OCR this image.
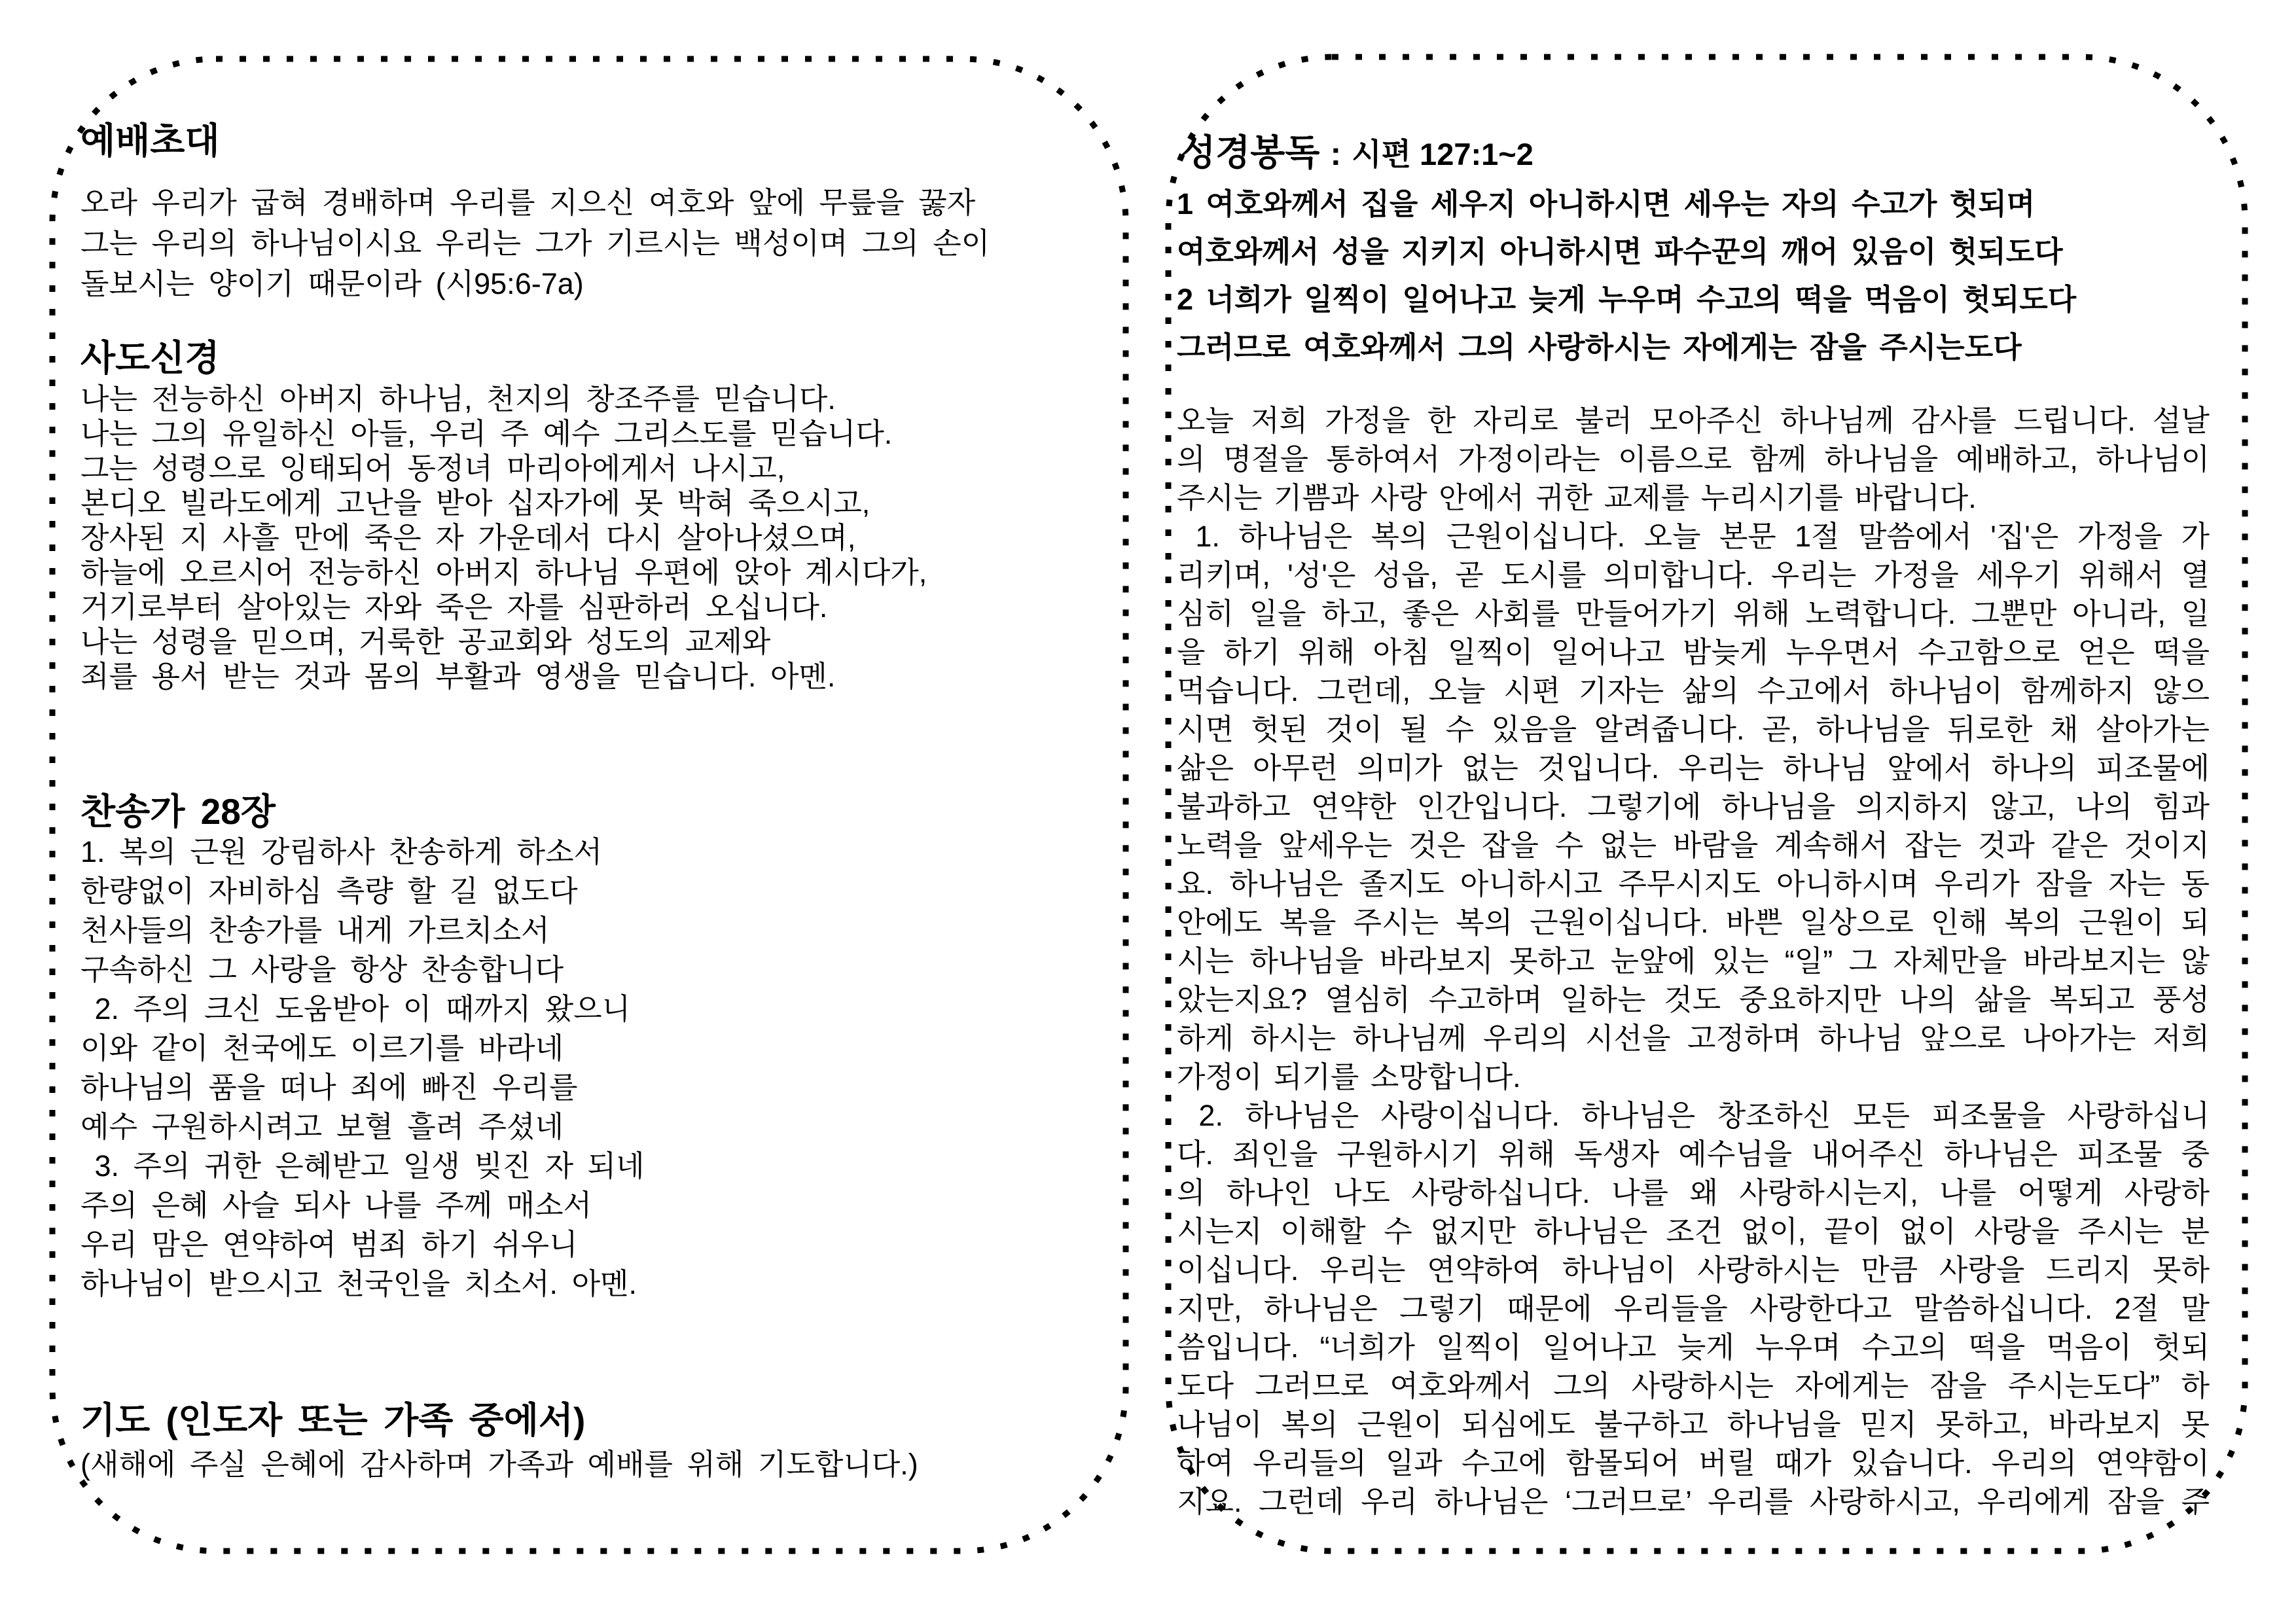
예배초대
오라 우리가 굽혀 경배하며 우리를 지으신 여호와 앞에 무릎을 꿇자
그는 우리의 하나님이시요 우리는 그가 기르시는 백성이며 그의 손이
돌보시는 양이기 때문이라 (시95:6-7a)
사도신경
나는 전능하신 아버지 하나님, 천지의 창조주를 믿습니다.
나는 그의 유일하신 아들, 우리 주 예수 그리스도를 믿습니다.
그는 성령으로 잉태되어 동정녀 마리아에게서 나시고,
본디오 빌라도에게 고난을 받아 십자가에 못 박혀 죽으시고,
장사된 지 사흘 만에 죽은 자 가운데서 다시 살아나셨으며,
하늘에 오르시어 전능하신 아버지 하나님 우편에 앉아 계시다가,
거기로부터 살아있는 자와 죽은 자를 심판하러 오십니다.
나는 성령을 믿으며, 거룩한 공교회와 성도의 교제와
죄를 용서 받는 것과 몸의 부활과 영생을 믿습니다. 아멘.
찬송가 28장
1. 복의 근원 강림하사 찬송하게 하소서
한량없이 자비하심 측량 할 길 없도다
천사들의 찬송가를 내게 가르치소서
구속하신 그 사랑을 항상 찬송합니다
2. 주의 크신 도움받아 이 때까지 왔으니
이와 같이 천국에도 이르기를 바라네
하나님의 품을 떠나 죄에 빠진 우리를
예수 구원하시려고 보혈 흘려 주셨네
3. 주의 귀한 은혜받고 일생 빚진 자 되네
주의 은혜 사슬 되사 나를 주께 매소서
우리 맘은 연약하여 범죄 하기 쉬우니
하나님이 받으시고 천국인을 치소서. 아멘.
기도 (인도자 또는 가족 중에서)
(새해에 주실 은혜에 감사하며 가족과 예배를 위해 기도합니다.)
성경봉독 : 시편 127:1~2
1 여호와께서 집을 세우지 아니하시면 세우는 자의 수고가 헛되며
여호와께서 성을 지키지 아니하시면 파수꾼의 깨어 있음이 헛되도다
2 너희가 일찍이 일어나고 늦게 누우며 수고의 떡을 먹음이 헛되도다
그러므로 여호와께서 그의 사랑하시는 자에게는 잠을 주시는도다
오늘 저희 가정을 한 자리로 불러 모아주신 하나님께 감사를 드립니다. 설날
의 명절을 통하여서 가정이라는 이름으로 함께 하나님을 예배하고, 하나님이
주시는 기쁨과 사랑 안에서 귀한 교제를 누리시기를 바랍니다.
1. 하나님은 복의 근원이십니다. 오늘 본문 1절 말씀에서 '집'은 가정을 가
리키며, '성'은 성읍, 곧 도시를 의미합니다. 우리는 가정을 세우기 위해서 열
심히 일을 하고, 좋은 사회를 만들어가기 위해 노력합니다. 그뿐만 아니라, 일
을 하기 위해 아침 일찍이 일어나고 밤늦게 누우면서 수고함으로 얻은 떡을
먹습니다. 그런데, 오늘 시편 기자는 삶의 수고에서 하나님이 함께하지 않으
시면 헛된 것이 될 수 있음을 알려줍니다. 곧, 하나님을 뒤로한 채 살아가는
삶은 아무런 의미가 없는 것입니다. 우리는 하나님 앞에서 하나의 피조물에
불과하고 연약한 인간입니다. 그렇기에 하나님을 의지하지 않고, 나의 힘과
노력을 앞세우는 것은 잡을 수 없는 바람을 계속해서 잡는 것과 같은 것이지
요. 하나님은 졸지도 아니하시고 주무시지도 아니하시며 우리가 잠을 자는 동
안에도 복을 주시는 복의 근원이십니다. 바쁜 일상으로 인해 복의 근원이 되
시는 하나님을 바라보지 못하고 눈앞에 있는 “일” 그 자체만을 바라보지는 않
았는지요? 열심히 수고하며 일하는 것도 중요하지만 나의 삶을 복되고 풍성
하게 하시는 하나님께 우리의 시선을 고정하며 하나님 앞으로 나아가는 저희
가정이 되기를 소망합니다.
2. 하나님은 사랑이십니다. 하나님은 창조하신 모든 피조물을 사랑하십니
다. 죄인을 구원하시기 위해 독생자 예수님을 내어주신 하나님은 피조물 중
의 하나인 나도 사랑하십니다. 나를 왜 사랑하시는지, 나를 어떻게 사랑하
시는지 이해할 수 없지만 하나님은 조건 없이, 끝이 없이 사랑을 주시는 분
이십니다. 우리는 연약하여 하나님이 사랑하시는 만큼 사랑을 드리지 못하
지만, 하나님은 그렇기 때문에 우리들을 사랑한다고 말씀하십니다. 2절 말
씀입니다. “너희가 일찍이 일어나고 늦게 누우며 수고의 떡을 먹음이 헛되
도다 그러므로 여호와께서 그의 사랑하시는 자에게는 잠을 주시는도다” 하
나님이 복의 근원이 되심에도 불구하고 하나님을 믿지 못하고, 바라보지 못
하여 우리들의 일과 수고에 함몰되어 버릴 때가 있습니다. 우리의 연약함이
지요. 그런데 우리 하나님은 ‘그러므로’ 우리를 사랑하시고, 우리에게 잠을 주
